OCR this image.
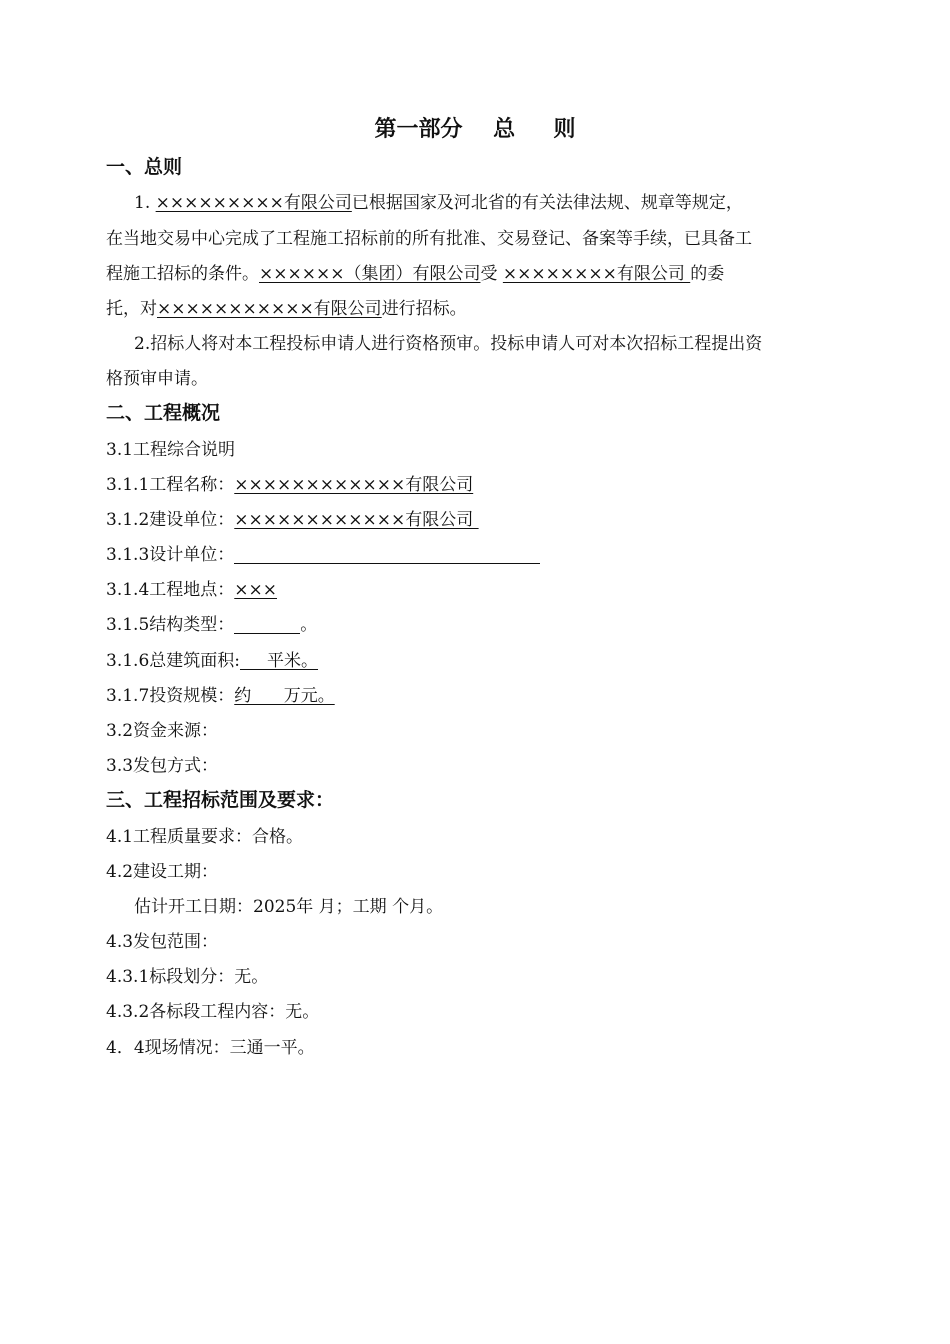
第一部分    总     则
一、总则
1. ×××××××××有限公司已根据国家及河北省的有关法律法规、规章等规定，
在当地交易中心完成了工程施工招标前的所有批准、交易登记、备案等手续，已具备工
程施工招标的条件。××××××（集团）有限公司受 ××××××××有限公司 的委
托，对×××××××××××有限公司进行招标。
2.招标人将对本工程投标申请人进行资格预审。投标申请人可对本次招标工程提出资
格预审申请。
二、工程概况
3.1工程综合说明
3.1.1工程名称：××××××××××××有限公司
3.1.2建设单位：××××××××××××有限公司
3.1.3设计单位：
3.1.4工程地点：×××
3.1.5结构类型：	。
3.1.6总建筑面积:     平米。
3.1.7投资规模：约      万元。
3.2资金来源：
3.3发包方式：
三、工程招标范围及要求：
4.1工程质量要求：合格。
4.2建设工期：
估计开工日期：2025年 月；工期 个月。
4.3发包范围：
4.3.1标段划分：无。
4.3.2各标段工程内容：无。
4．4现场情况：三通一平。
